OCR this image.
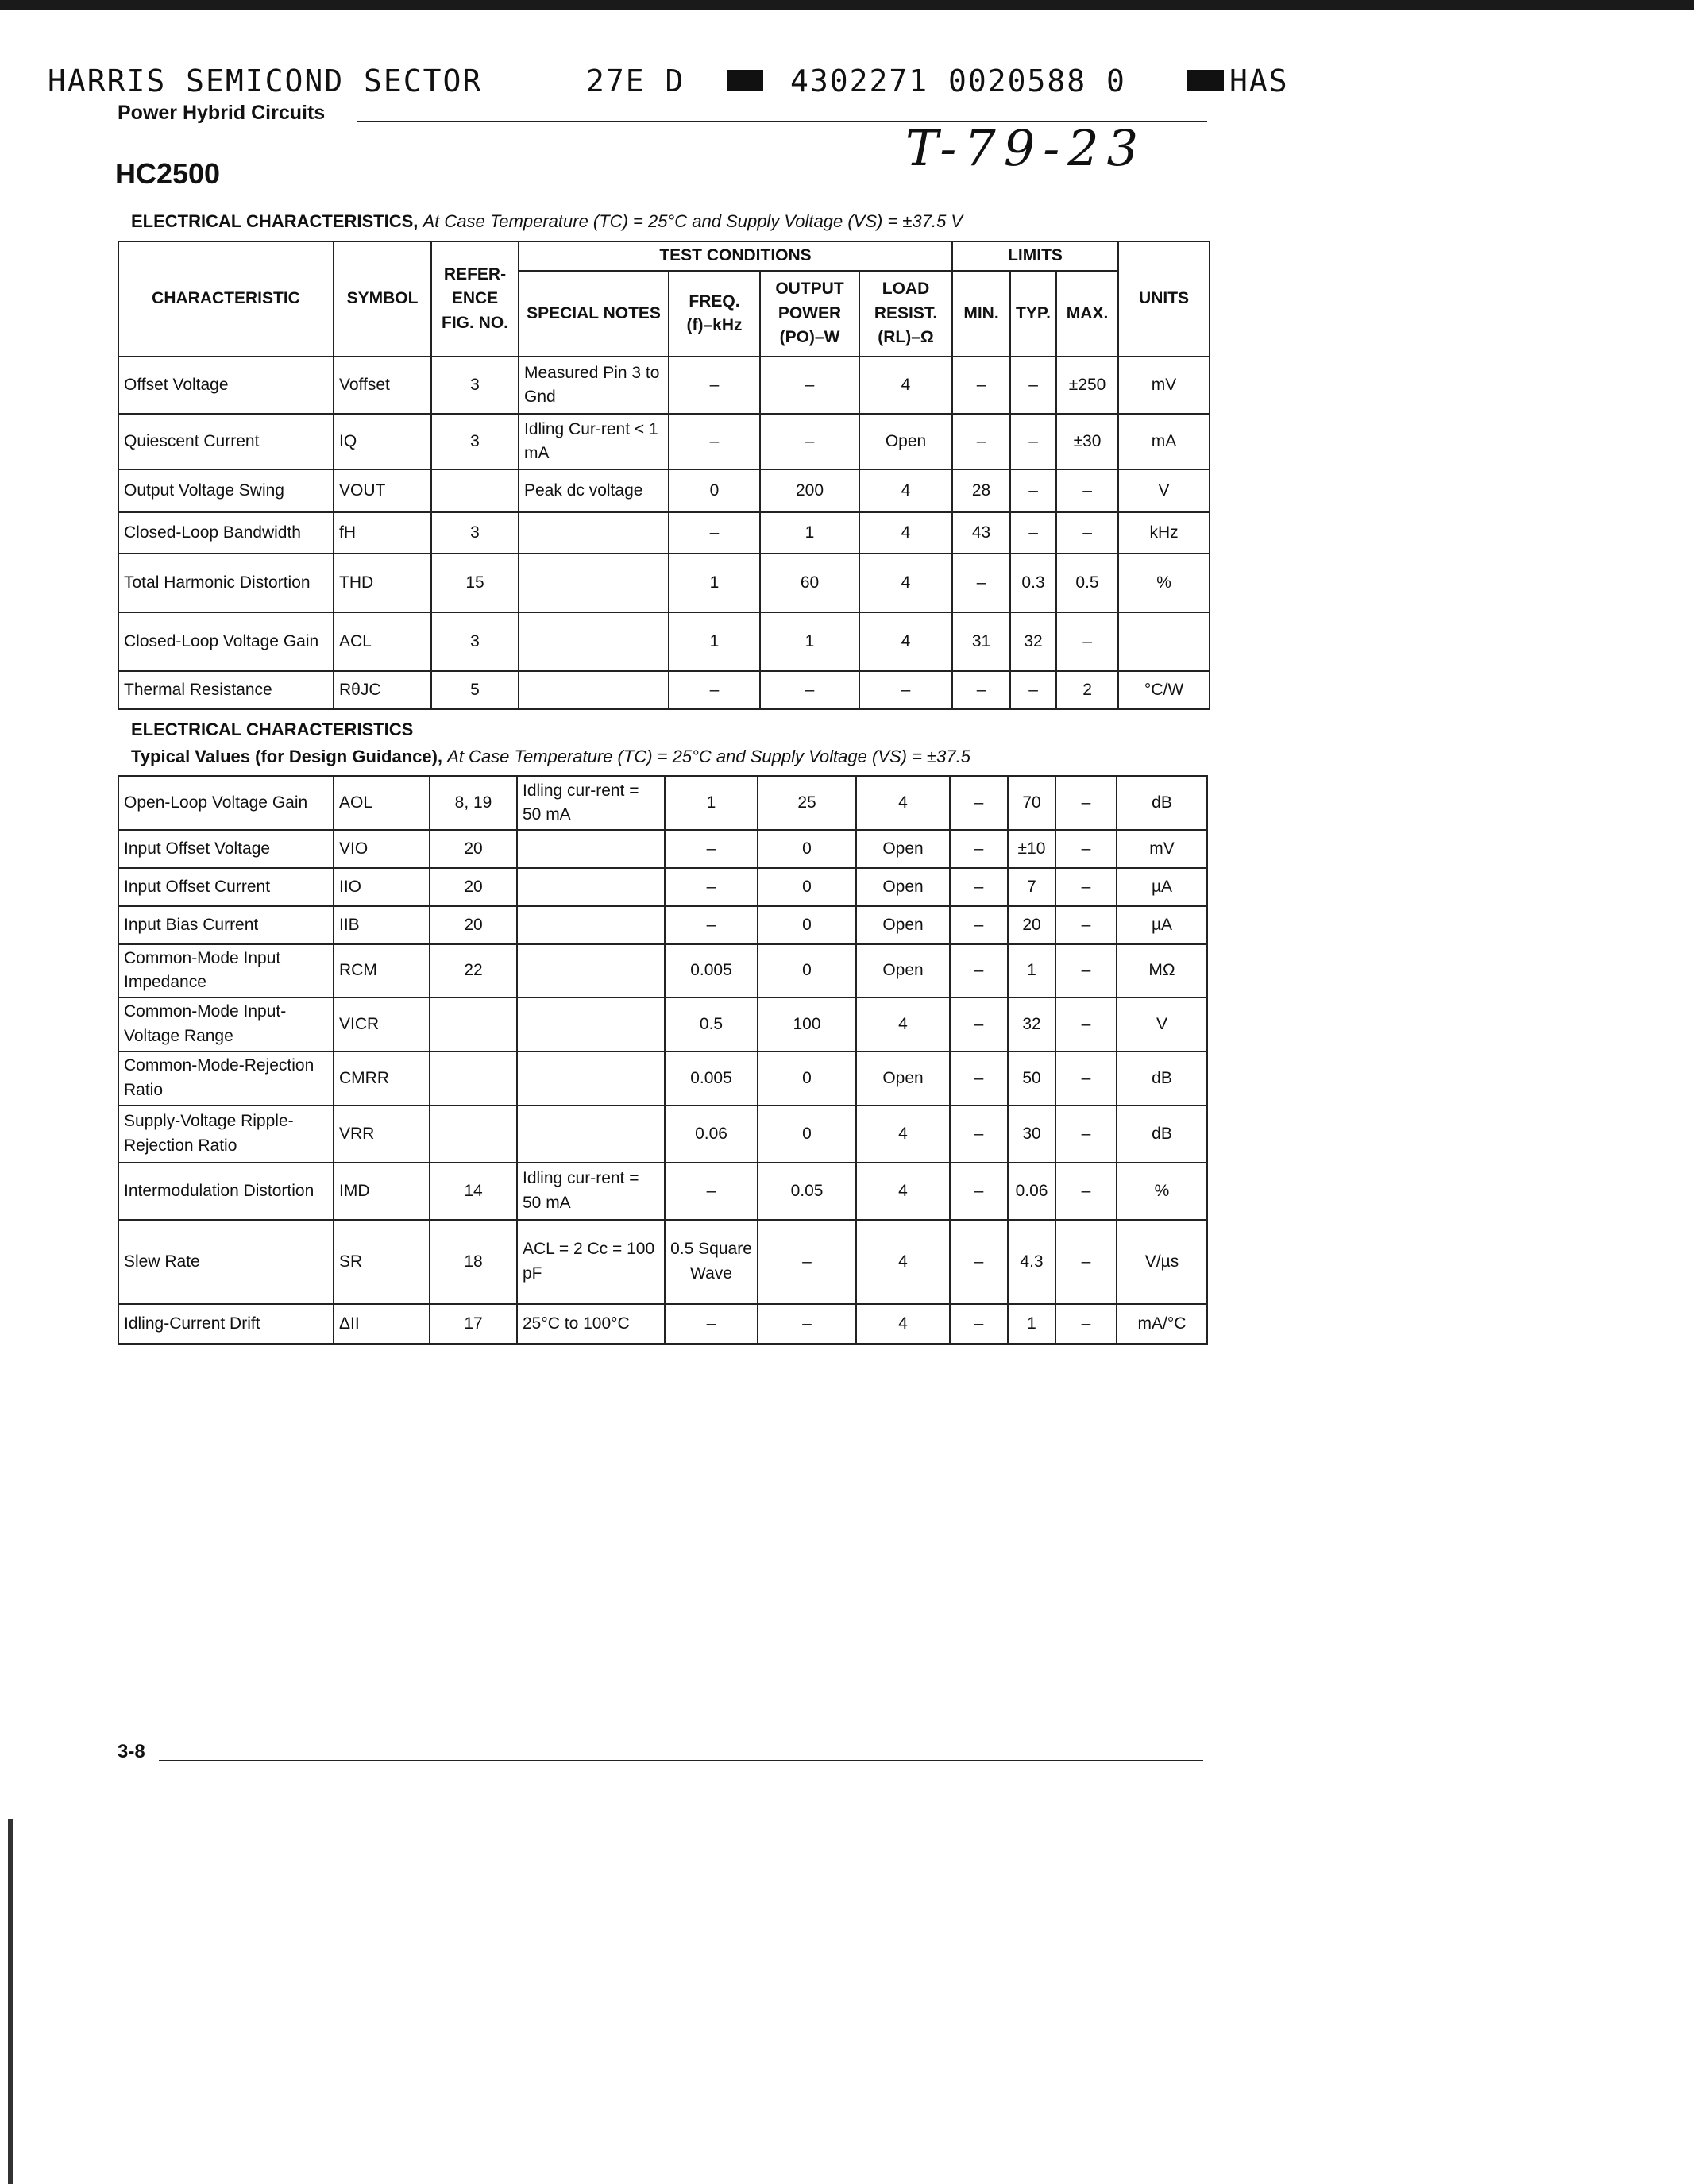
HARRIS SEMICOND SECTOR	27E D	4302271 0020588 0	HAS
Power Hybrid Circuits
T-79-23
HC2500
ELECTRICAL CHARACTERISTICS, At Case Temperature (TC) = 25°C and Supply Voltage (VS) = ±37.5 V
CHARACTERISTIC	SYMBOL	REFER-ENCE FIG. NO.	TEST CONDITIONS				LIMITS			UNITS
			SPECIAL NOTES	FREQ. (f)–kHz	OUTPUT POWER (PO)–W	LOAD RESIST. (RL)–Ω	MIN.	TYP.	MAX.	
Offset Voltage	Voffset	3	Measured Pin 3 to Gnd	–	–	4	–	–	±250	mV
Quiescent Current	IQ	3	Idling Cur-rent < 1 mA	–	–	Open	–	–	±30	mA
Output Voltage Swing	VOUT		Peak dc voltage	0	200	4	28	–	–	V
Closed-Loop Bandwidth	fH	3		–	1	4	43	–	–	kHz
Total Harmonic Distortion	THD	15		1	60	4	–	0.3	0.5	%
Closed-Loop Voltage Gain	ACL	3		1	1	4	31	32	–	
Thermal Resistance	RθJC	5		–	–	–	–	–	2	°C/W
ELECTRICAL CHARACTERISTICS
Typical Values (for Design Guidance), At Case Temperature (TC) = 25°C and Supply Voltage (VS) = ±37.5
Open-Loop Voltage Gain	AOL	8, 19	Idling cur-rent = 50 mA	1	25	4	–	70	–	dB
Input Offset Voltage	VIO	20		–	0	Open	–	±10	–	mV
Input Offset Current	IIO	20		–	0	Open	–	7	–	µA
Input Bias Current	IIB	20		–	0	Open	–	20	–	µA
Common-Mode Input Impedance	RCM	22		0.005	0	Open	–	1	–	MΩ
Common-Mode Input-Voltage Range	VICR			0.5	100	4	–	32	–	V
Common-Mode-Rejection Ratio	CMRR			0.005	0	Open	–	50	–	dB
Supply-Voltage Ripple-Rejection Ratio	VRR			0.06	0	4	–	30	–	dB
Intermodulation Distortion	IMD	14	Idling cur-rent = 50 mA	–	0.05	4	–	0.06	–	%
Slew Rate	SR	18	ACL = 2 Cc = 100 pF	0.5 Square Wave	–	4	–	4.3	–	V/µs
Idling-Current Drift	ΔII	17	25°C to 100°C	–	–	4	–	1	–	mA/°C
3-8
